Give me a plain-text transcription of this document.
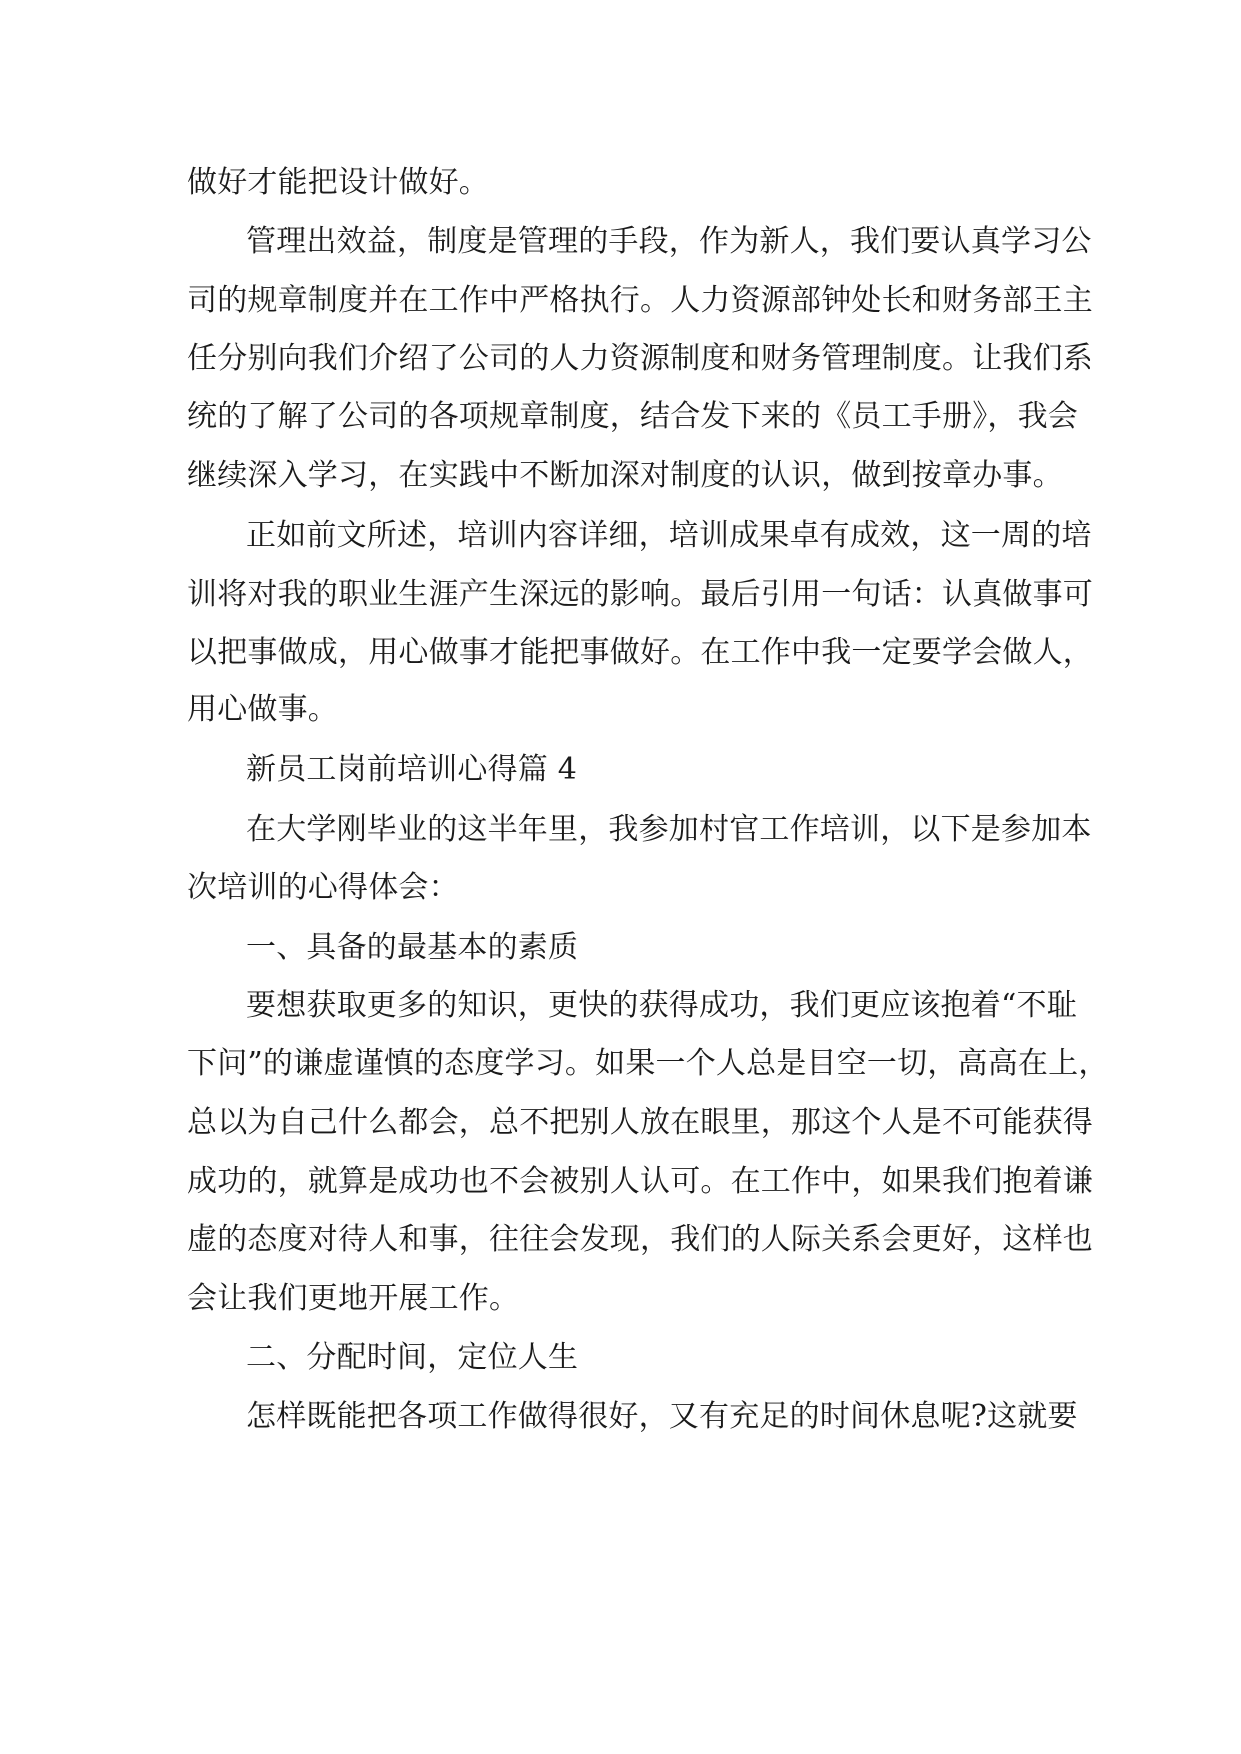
做好才能把设计做好。
管理出效益，制度是管理的手段，作为新人，我们要认真学习公
司的规章制度并在工作中严格执行。人力资源部钟处长和财务部王主
任分别向我们介绍了公司的人力资源制度和财务管理制度。让我们系
统的了解了公司的各项规章制度，结合发下来的《员工手册》，我会
继续深入学习，在实践中不断加深对制度的认识，做到按章办事。
正如前文所述，培训内容详细，培训成果卓有成效，这一周的培
训将对我的职业生涯产生深远的影响。最后引用一句话：认真做事可
以把事做成，用心做事才能把事做好。在工作中我一定要学会做人，
用心做事。
新员工岗前培训心得篇 4
在大学刚毕业的这半年里，我参加村官工作培训，以下是参加本
次培训的心得体会：
一、具备的最基本的素质
要想获取更多的知识，更快的获得成功，我们更应该抱着“不耻
下问”的谦虚谨慎的态度学习。如果一个人总是目空一切，高高在上，
总以为自己什么都会，总不把别人放在眼里，那这个人是不可能获得
成功的，就算是成功也不会被别人认可。在工作中，如果我们抱着谦
虚的态度对待人和事，往往会发现，我们的人际关系会更好，这样也
会让我们更地开展工作。
二、分配时间，定位人生
怎样既能把各项工作做得很好，又有充足的时间休息呢?这就要
